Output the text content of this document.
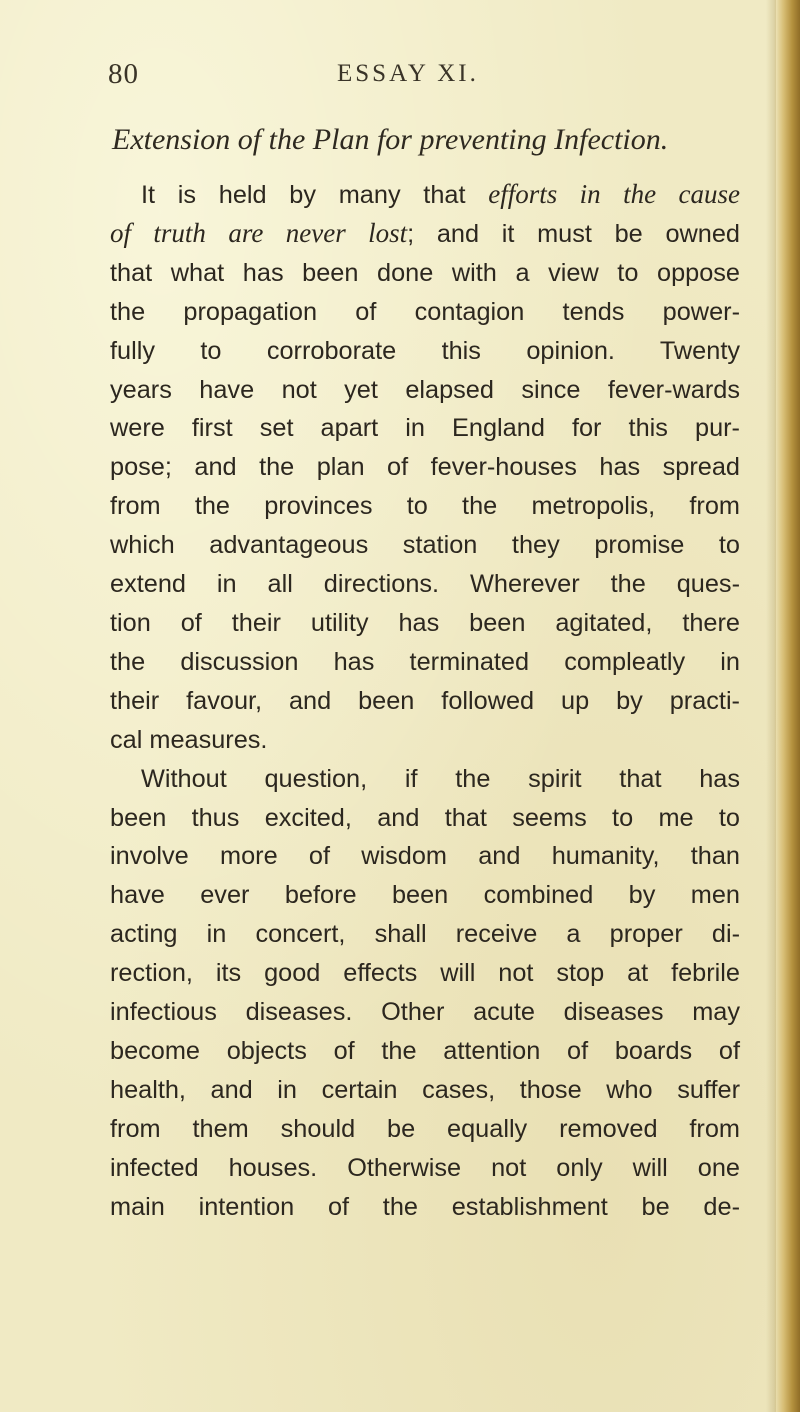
80	ESSAY XI.
Extension of the Plan for preventing Infection.
It is held by many that efforts in the cause
of truth are never lost; and it must be owned
that what has been done with a view to oppose
the propagation of contagion tends power-
fully to corroborate this opinion. Twenty
years have not yet elapsed since fever-wards
were first set apart in England for this pur-
pose; and the plan of fever-houses has spread
from the provinces to the metropolis, from
which advantageous station they promise to
extend in all directions. Wherever the ques-
tion of their utility has been agitated, there
the discussion has terminated compleatly in
their favour, and been followed up by practi-
cal measures.
Without question, if the spirit that has
been thus excited, and that seems to me to
involve more of wisdom and humanity, than
have ever before been combined by men
acting in concert, shall receive a proper di-
rection, its good effects will not stop at febrile
infectious diseases. Other acute diseases may
become objects of the attention of boards of
health, and in certain cases, those who suffer
from them should be equally removed from
infected houses. Otherwise not only will one
main intention of the establishment be de-
